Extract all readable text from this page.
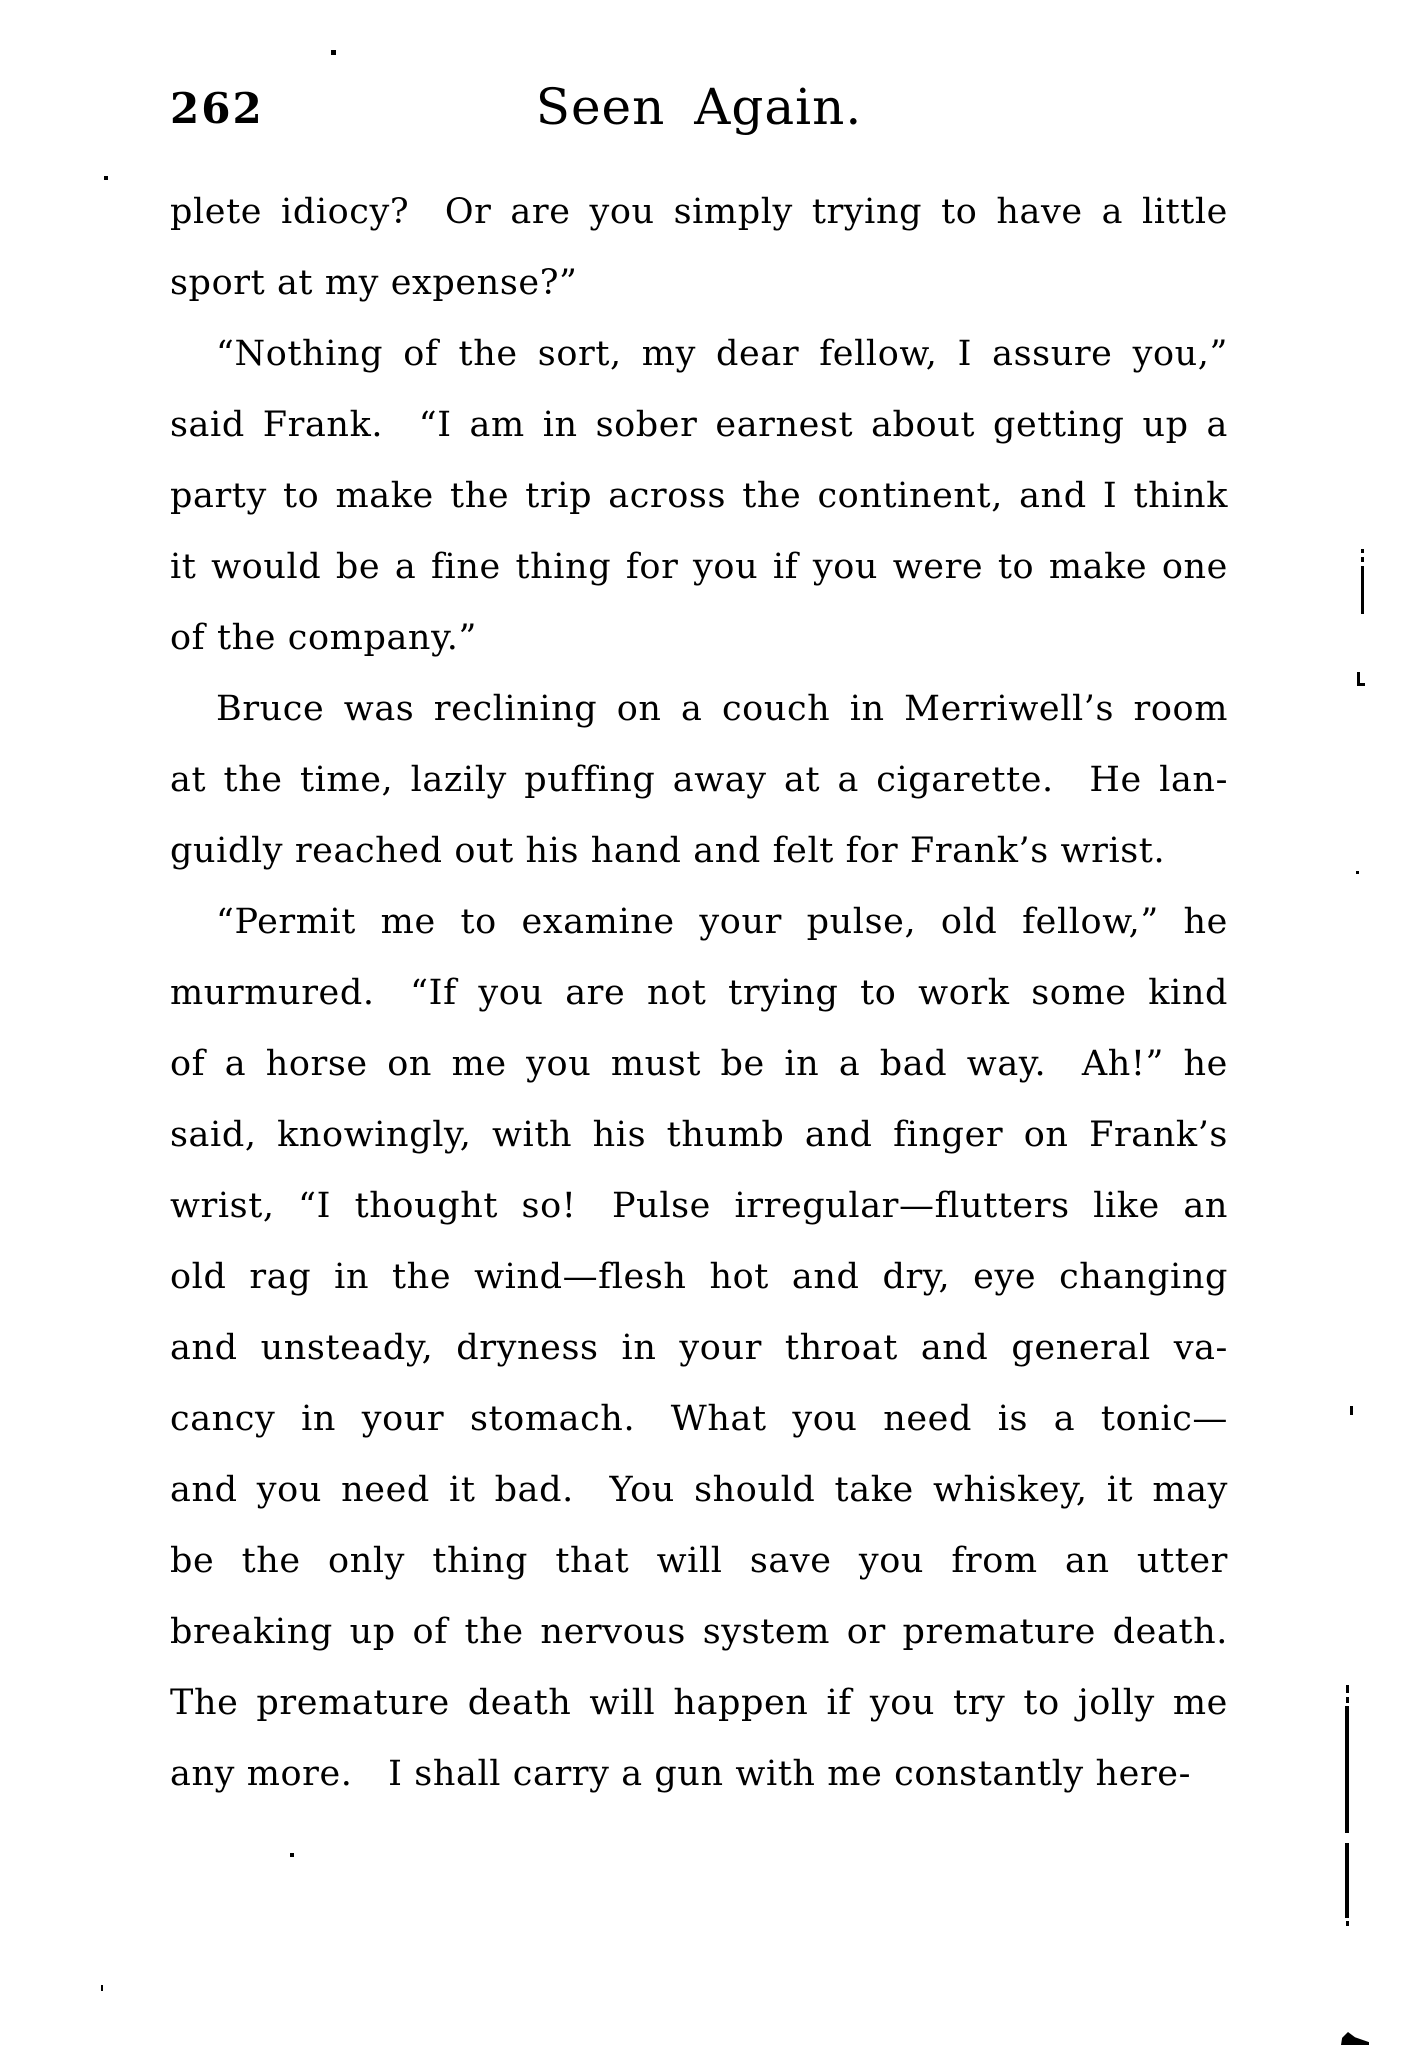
262	Seen Again.
plete idiocy? Or are you simply trying to have a little
sport at my expense?”
“Nothing of the sort, my dear fellow, I assure you,”
said Frank. “I am in sober earnest about getting up a
party to make the trip across the continent, and I think
it would be a fine thing for you if you were to make one
of the company.”
Bruce was reclining on a couch in Merriwell’s room
at the time, lazily puffing away at a cigarette. He lan-
guidly reached out his hand and felt for Frank’s wrist.
“Permit me to examine your pulse, old fellow,” he
murmured. “If you are not trying to work some kind
of a horse on me you must be in a bad way. Ah!” he
said, knowingly, with his thumb and finger on Frank’s
wrist, “I thought so! Pulse irregular—flutters like an
old rag in the wind—flesh hot and dry, eye changing
and unsteady, dryness in your throat and general va-
cancy in your stomach. What you need is a tonic—
and you need it bad. You should take whiskey, it may
be the only thing that will save you from an utter
breaking up of the nervous system or premature death.
The premature death will happen if you try to jolly me
any more. I shall carry a gun with me constantly here-
